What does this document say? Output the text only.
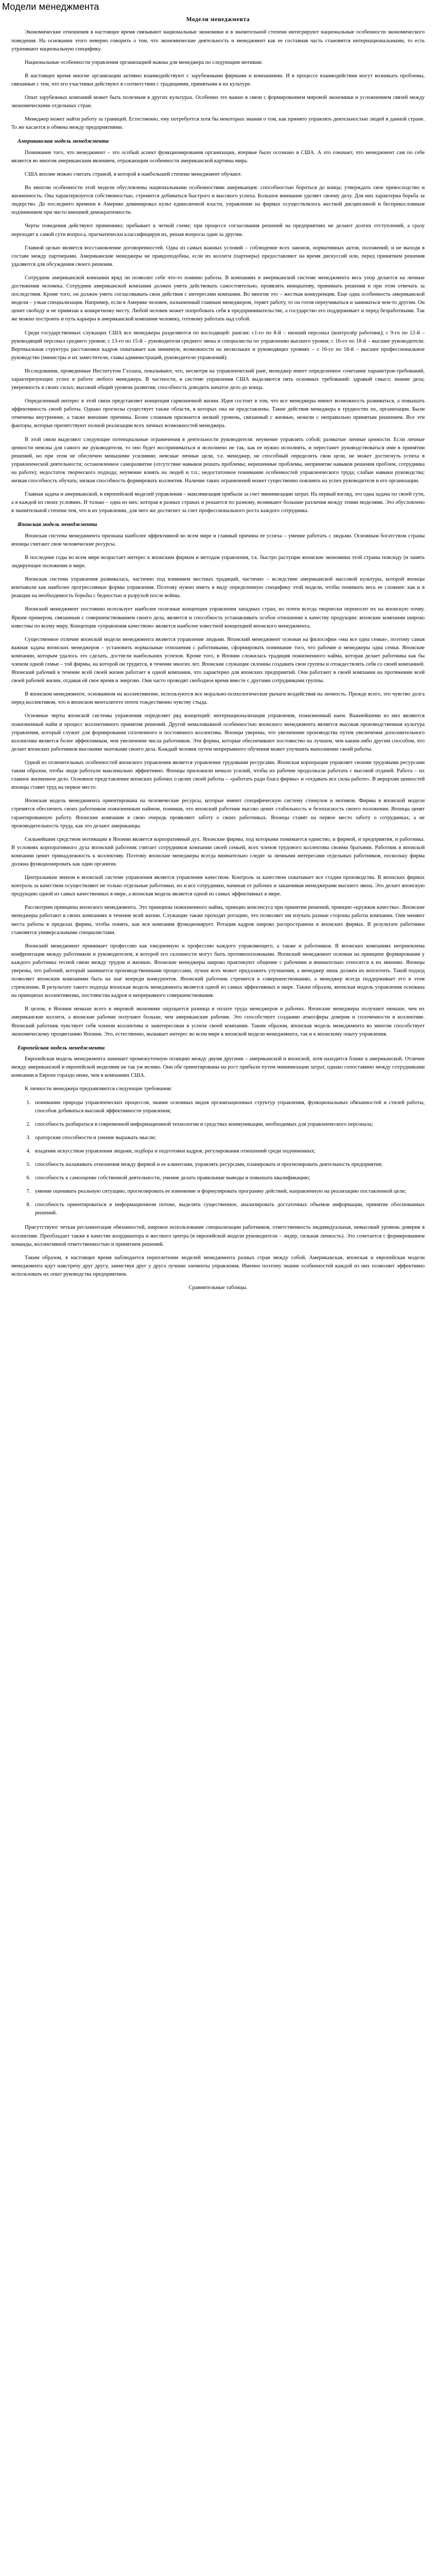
Модели менеджмента
Модели менеджмента

Экономические отношения в настоящее время связывают национальные экономики и в значительной степени интегрируют национальные особенности экономического поведения. На основании этого неверно говорить о том, что экономические деятельность и менеджмент как ее составная часть становятся интернациональными, то есть утрачивают национальную специфику.

Национальные особенности управления организацией важны для менеджера по следующим мотивам:

В настоящее время многие организации активно взаимодействуют с зарубежными фирмами и компаниями. И в процессе взаимодействия могут возникать проблемы, связанные с тем, что его участники действуют в соответствии с традициями, принятыми в их культуре.

Опыт зарубежных компаний может быть полезным в других культурах. Особенно это важно в связи с формированием мировой экономики и усложнением связей между экономическими отдельных стран.

Менеджер может найти работу за границей. Естественно, ему потребуется хотя бы некоторых знания о том, как принято управлять деятельностью людей в данной стране. То же касается и обмена между предприятиями.

Американская модель менеджмента

Понимание того, что менеджмент – это особый аспект функционирования организации, впервые было осознано в США. А это означает, что менеджмент сам по себе является во многом американским явлением, отражающим особенности американской картины мира.

США вполне можно считать страной, в которой в наибольшей степени менеджмент обучают.

Во многом особенности этой модели обусловлены национальными особенностями американцев: способностью бороться до конца; утверждать свое превосходство и жизненность. Она характеризуется собственностью, стремится добиваться быстрого и высокого успеха. Большое внимание уделяет своему делу. Для них характерна борьба за лидерство. До последнего времени в Америке доминировал культ единоличной власти, управление на фирмах осуществлялось жесткой дисциплиной и беспрекословным подчинением при чисто внешней демократичности.

Черты поведения действуют применимо; пребывает к четкой схеме; при процессе согласования решений на предприятиях не делают долгих отступлений, а сразу переходят к самой сути вопроса, прагматически классифицируя их, решая вопросы один за другим.

Главной целью является восстановление договоренностей. Одна из самых важных условий – соблюдение всех законов, нормативных актов, положений, и не выходя в составе между партнерами. Американские менеджеры не правдоподобны, если их коллеги (партнеры) предоставляют на время дискуссий или, перед принятием решения удаляются для обсуждения своего решения.

Сотрудник американской компании вряд ли позволит себе что-то помимо работы. В компаниях в американской системе менеджмента весь упор делается на личные достижения человека. Сотрудник американской компании должен уметь действовать самостоятельно, проявлять инициативу, принимать решения и при этом отвечать за последствия. Кроме того, он должен уметь согласовывать свои действия с интересами компании. Во многом это – жесткая конкуренция. Еще одна особенность американской модели – узкая специализация. Например, если в Америке человек, назначенный главным менеджером, теряет работу, то он готов переучиваться и заниматься чем-то другим. Он ценит свободу и не привязан к конкретному месту. Любой человек может попробовать себя в предпринимательстве, а государство его поддерживает и перед безработными. Так же можно построить и путь карьеры в американской компании человеку, готовому работать над собой.

Среди государственных служащих США все менеджеры разделяются по восходящей: рангам: с1-го по 8-й – низший персонал (контролёр работник); с 9-го по 12-й – руководящий персонал среднего уровня; с 13-го по 15-й – руководители среднего звена и специалисты по управлению высшего уровня; с 16-го по 18-й – высшие руководители. Вертикальная структура расстановки кадров охватывает как минимум, возможности на нескольких и руководящих уровнях – с 16-го по 18-й – высшее профессиональное руководство (министры и их заместители, главы администраций, руководители управлений).

Исследования, проведенные Институтом Гэллапа, показывают, что, несмотря на управленческий ранг, менеджер имеет определенное сочетание параметров-требований, характеризующих успех в работе любого менеджера. В частности, в системе управления США выделяются пять основных требований: здравый смысл; знание дела; уверенность в своих силах; высокий общий уровень развития; способность доводить начатое дело до конца.

Определенный интерес в этой связи представляет концепция гармоничной жизни. Идея состоит в том, что все менеджеры имеют возможность развиваться, а повышать эффективность своей работы. Однако прогнозы существует также области, в которых она не представлены. Такие действия менеджера в трудностях их, организации. Были отмечены внутренние, а также внешние причины. Более сложным признается низкий уровень, связанный с жизнью, нежели с неправильно принятым решением. Все эти факторы, которые препятствуют полной реализации всех личных возможностей менеджера.

В этой связи выделяют следующие потенциальные ограничения в деятельности руководителя: неумение управлять собой; размытые личные ценности. Если личные ценности неясны для самого же руководителя, то оно будет восприниматься и исполнено не так, как ее нужно исполнять, и перестанет руководствоваться ими в принятии решений, но при этом не обеспечен меньшими усилиями; неясные личные цели, т.е. менеджер, не способный определить свои цели, не может достигнуть успеха в управленческой деятельности; остановленное саморазвитие (отсутствие навыков решать проблемы; нерешенные проблемы, непринятие навыков решения проблем, сотрудника на работе); недостаток творческого подхода; неумение влиять на людей и т.п.; недостаточное понимание особенностей управленческого труда; слабые навыки руководства; низкая способность обучать; низкая способность формировать коллектив. Наличие таких ограничений может существенно повлиять на успех руководителя и его организации.

Главная задача и американской, и европейской моделей управления – максимизация прибыли за счет минимизации затрат. На первый взгляд, это одна задача по своей сути, а в каждой из своих условиях. И только – одна из них: которая в разных странах и решается по разному, возникают большие различия между этими моделями. Это обусловлено в значительной степени тем, что в их управлении, для чего же достигнет за счет профессионального роста каждого сотрудника.

Японская модель менеджмента

Японская система менеджмента признана наиболее эффективной во всем мире и главный причина ее успеха – умение работать с людьми. Основным богатством страны японцы считают свои человеческие ресурсы.

В последние годы во всем мире возрастает интерес к японским фирмам и методам управления, т.к. быстро растущие японские экономики этой страны повсюду (и занять лидирующее положение в мире.

Японская система управления развивалась, частично под влиянием местных традиций, частично – вследствие американской массовой культуры, которой японцы впитывали как наиболее прогрессивные формы управления. Поэтому нужно иметь в виду определенную специфику этой модели, чтобы понимать весь ее сложнее: как и в реакции на необходимость борьбы с бедностью и разрухой после войны.

Японский менеджмент постоянно использует наиболее полезные концепции управления западных стран, но почти всегда творчески переносит их на японскую почву. Ярким примером, связанным с совершенствованием своего дела, является и способность устанавливать особое отношение к качеству продукции: японские компании широко известны по всему миру. Концепция «управления качеством» является наиболее известной концепцией японского менеджмента.

Существенное отличие японской модели менеджмента является управление людьми. Японский менеджмент основан на философии «мы все одна семья», поэтому самая важная задача японских менеджеров – установить нормальные отношения с работниками, сформировать понимание того, что рабочие и менеджеры одна семья. Японские компании, которым удалось это сделать, достигли наибольших успехов. Кроме того, в Японии сложилась традиция пожизненного найма, которая делает работника как бы членом одной семьи – той фирмы, на которой он трудится, в течение многих лет. Японские служащие склонны создавать свои группы и отождествлять себя со своей компанией. Японский рабочий в течение всей своей жизни работает в одной компании, что характерно для японских предприятий. Они работают в своей компании на протяжении всей своей рабочей жизни, отдавая ей свое время и энергию. Они часто проводят свободное время вместе с другими сотрудниками группы.

В японском менеджменте, основанном на коллективизме, используются все морально-психологические рычаги воздействия на личность. Прежде всего, это чувство долга перед коллективом, что в японском менталитете почти тождественно чувству стыда.

Основные черты японской системы управления определяет ряд концепций: интернационализация управления, пожизненный наем. Важнейшими из них являются пожизненный найм и процесс коллективного принятия решений. Другой немаловажной особенностью японского менеджмента является высокая производственная культура управления, который служит для формирования сплоченного и постоянного коллектива. Японцы уверены, что увеличение производства путем увеличения дополнительного коллектива является более эффективным, чем увеличение числа работников. Эти формы, которые обеспечивают постоянство на лучшем, чем каким-либо другим способом, что делает японских работников высокими знатоками своего дела. Каждый человек путем непрерывного обучения может улучшить выполнение своей работы.

Одной из отличительных особенностей японского управления является управление трудовыми ресурсами. Японская корпорация управляет своими трудовыми ресурсами таким образом, чтобы люди работали максимально эффективно. Японцы приложили немало усилий, чтобы их рабочие продолжали работать с высокой отдачей. Работа – их главное жизненное дело. Основное представление японских рабочих о целях своей работы – «работать ради блага фирмы» и «отдавать все силы работе». В иерархии ценностей японцы ставят труд на первое место.

Японская модель менеджмента ориентирована на человеческие ресурсы, которые имеют специфическую систему стимулов и мотивов. Фирмы в японской модели стремятся обеспечить своих работников пожизненным наймом, понимая, что японский работник высоко ценит стабильность и безопасность своего положения. Японцы ценят гарантированную работу. Японские компании в свою очередь проявляют заботу о своих работниках. Японцы ставят на первое место заботу о сотрудниках, а не производительность труда, как это делают американцы.

Сильнейшим средством мотивации в Японии является корпоративный дух. Японские фирмы, под которыми понимается единство, и фирмой, и предприятия, и работника. В условиях корпоративного духа японский работник считает сотрудников компании своей семьей, всех членов трудового коллектива своими братьями. Работник в японской компании ценит принадлежность к коллективу. Поэтому японские менеджеры всегда внимательно следят за личными интересами отдельных работников, поскольку фирма должна функционировать как один организм.

Центральным звеном в японской системе управления является управление качеством. Контроль за качеством охватывает все стадии производства. В японских фирмах контроль за качеством осуществляют не только отдельные работники, но и все сотрудники, начиная от рабочих и заканчивая менеджерами высшего звена. Это делает японскую продукцию одной из самых качественных в мире, а японская модель является одной из самых эффективных в мире.

Рассмотрим принципы японского менеджмента. Это принципы пожизненного найма, принцип консенсуса при принятии решений, принцип «кружков качества». Японские менеджеры работают в своих компаниях в течение всей жизни. Служащие также проходят ротацию, что позволяет им изучать разные стороны работы компании. Они меняют места работы в пределах фирмы, чтобы понять, как вся компания функционирует. Ротация кадров широко распространена в японских фирмах. В результате работники становятся универсальными специалистами.

Японский менеджмент принимает профессию как ежедневную и профессию каждого управляющего, а также и работников. В японских компаниях неприемлема конфронтация между работником и руководителем, в которой его склонности могут быть противоположными. Японский менеджмент основан на принципе формирования у каждого работника тесной связи между трудом и жизнью. Японские менеджеры широко практикуют общение с рабочими и внимательно относятся к их мнению. Японцы уверены, что рабочий, который занимается производственными процессами, лучше всех может предложить улучшения, а менеджер лишь должен их воплотить. Такой подход позволяет японским компаниям быть на шаг впереди конкурентов. Японский работник стремится к совершенствованию, а менеджер всегда поддерживает его в этом стремлении. В результате такого подхода японская модель менеджмента является одной из самых эффективных в мире. Таким образом, японская модель управления основана на принципах коллективизма, постоянства кадров и непрерывного совершенствования.

В целом, в Японии меньше всего в мировой экономике ощущается разница в оплате труда менеджеров и рабочих. Японские менеджеры получают меньше, чем их американские коллеги, а японские рабочие получают больше, чем американские рабочие. Это способствует созданию атмосферы доверия и сплоченности в коллективе. Японский работник чувствует себя членом коллектива и заинтересован в успехе своей компании. Таким образом, японская модель менеджмента во многом способствует экономическому процветанию Японии. Это, естественно, вызывает интерес во всем мире к японской модели менеджмента, так и к японскому опыту управления.

Европейская модель менеджмента

Европейская модель менеджмента занимает промежуточную позицию между двумя другими – американской и японской, хотя находится ближе к американской. Отличие между американской и европейской моделями не так уж велико. Они обе ориентированы на рост прибыли путем минимизации затрат, однако сопоставимо между сотрудниками компании в Европе гораздо ниже, чем в компаниях США.

К личности менеджера предъявляются следующие требования:

1. понимание природы управленческих процессов, знание основных видов организационных структур управления, функциональных обязанностей и стилей работы, способов добиваться высокой эффективности управления;
2. способность разбираться в современной информационной технологии и средствах коммуникации, необходимых для управленческого персонала;
3. ораторские способности и умение выражать мысли;
4. владение искусством управления людьми, подбора и подготовки кадров, регулирования отношений среди подчиненных;
5. способность налаживать отношения между фирмой и ее клиентами, управлять ресурсами, планировать и прогнозировать деятельность предприятия;
6. способность к самооценке собственной деятельности, умение делать правильные выводы и повышать квалификацию;
7. умение оценивать реальную ситуацию, прогнозировать ее изменение и формулировать программу действий, направленную на реализацию поставленной цели;
8. способность ориентироваться в информационном потоке, выделять существенное, анализировать достаточных объемов информации, принятие обоснованных решений.

Присутствуют четкая регламентация обязанностей, широкое использование специализации работников, ответственность индивидуальная, невысокий уровень доверия в коллективе. Преобладает также в качестве координатора и жесткого центра (в европейской модели руководители – лидер, сильная личность). Это сочетается с формированием команды, коллективной ответственностью и принятием решений.

Таким образом, в настоящее время наблюдается переплетение моделей менеджмента разных стран между собой. Американская, японская и европейская модели менеджмента идут навстречу друг другу, заимствуя друг у друга лучшие элементы управления. Именно поэтому знание особенностей каждой из них позволяет эффективно использовать их опыт руководства предприятием.

Сравнительные таблицы.
